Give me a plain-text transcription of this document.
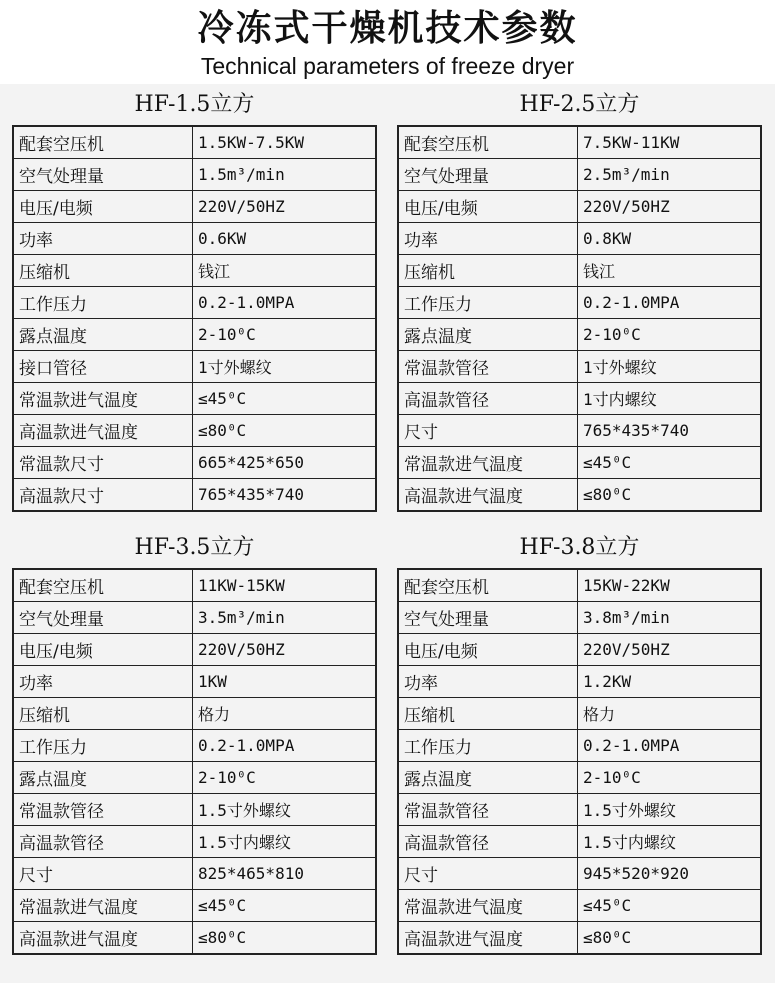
冷冻式干燥机技术参数
Technical parameters of freeze dryer
HF-1.5立方
配套空压机	1.5KW-7.5KW
空气处理量	1.5m³/min
电压/电频	220V/50HZ
功率	0.6KW
压缩机	钱江
工作压力	0.2-1.0MPA
露点温度	2-10⁰C
接口管径	1寸外螺纹
常温款进气温度	≤45⁰C
高温款进气温度	≤80⁰C
常温款尺寸	665*425*650
高温款尺寸	765*435*740
HF-2.5立方
配套空压机	7.5KW-11KW
空气处理量	2.5m³/min
电压/电频	220V/50HZ
功率	0.8KW
压缩机	钱江
工作压力	0.2-1.0MPA
露点温度	2-10⁰C
常温款管径	1寸外螺纹
高温款管径	1寸内螺纹
尺寸	765*435*740
常温款进气温度	≤45⁰C
高温款进气温度	≤80⁰C
HF-3.5立方
配套空压机	11KW-15KW
空气处理量	3.5m³/min
电压/电频	220V/50HZ
功率	1KW
压缩机	格力
工作压力	0.2-1.0MPA
露点温度	2-10⁰C
常温款管径	1.5寸外螺纹
高温款管径	1.5寸内螺纹
尺寸	825*465*810
常温款进气温度	≤45⁰C
高温款进气温度	≤80⁰C
HF-3.8立方
配套空压机	15KW-22KW
空气处理量	3.8m³/min
电压/电频	220V/50HZ
功率	1.2KW
压缩机	格力
工作压力	0.2-1.0MPA
露点温度	2-10⁰C
常温款管径	1.5寸外螺纹
高温款管径	1.5寸内螺纹
尺寸	945*520*920
常温款进气温度	≤45⁰C
高温款进气温度	≤80⁰C
